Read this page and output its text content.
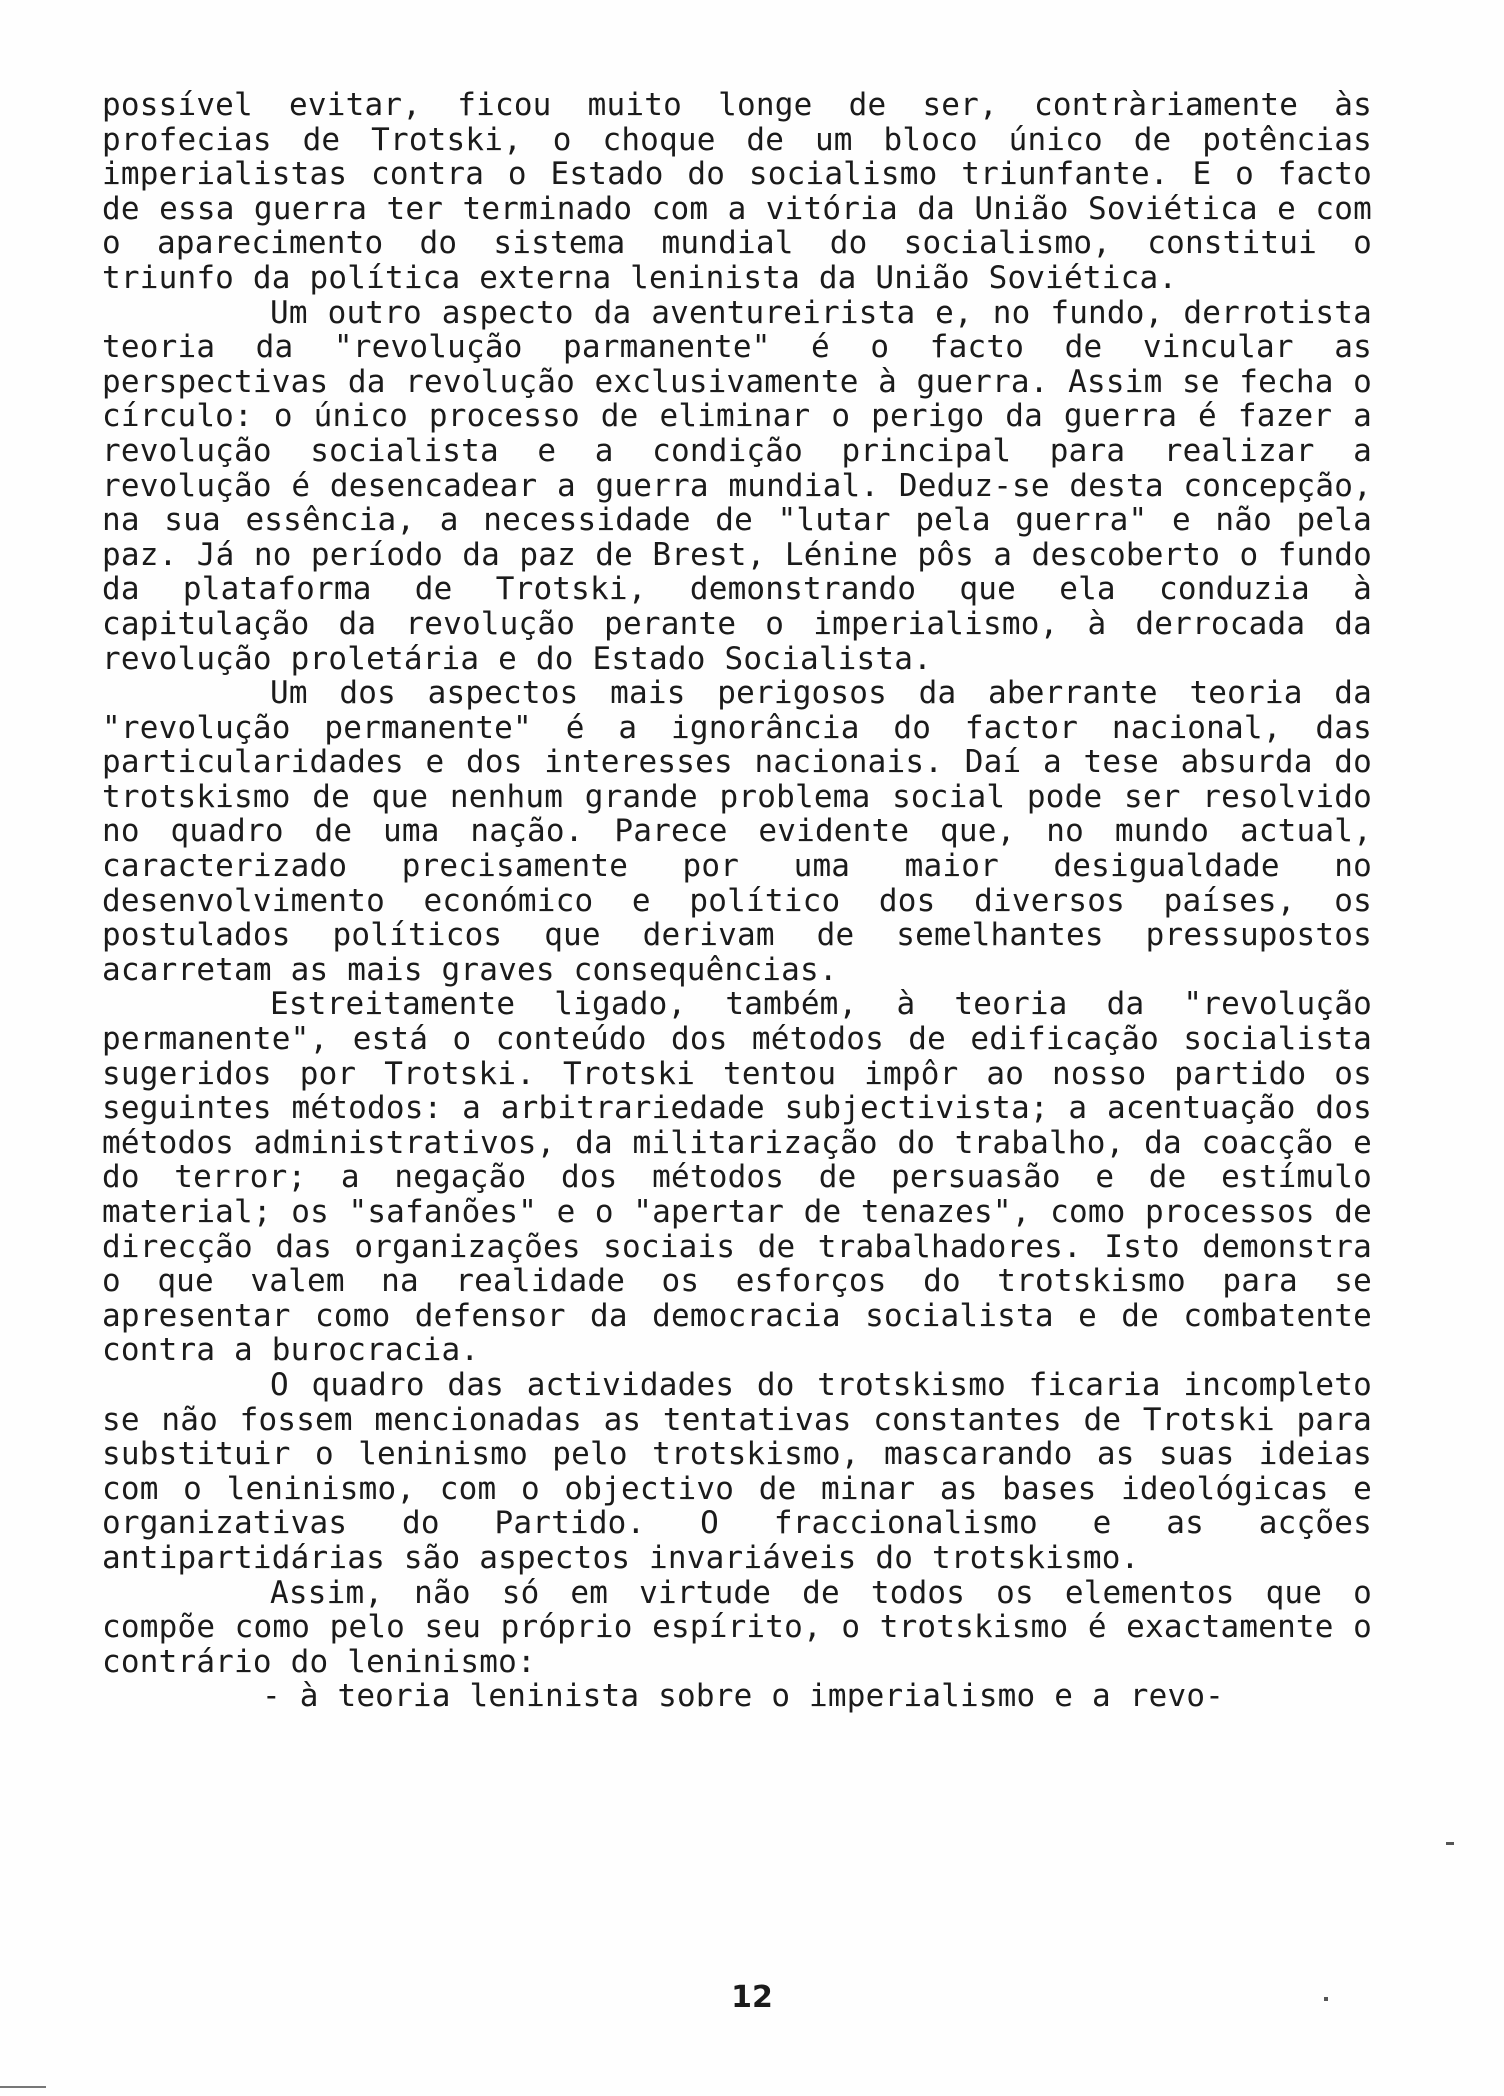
possível evitar, ficou muito longe de ser, contràriamente às profecias de Trotski, o choque de um bloco único de potências imperialistas contra o Estado do socialismo triunfante. E o facto de essa guerra ter terminado com a vitória da União Soviética e com o aparecimento do sistema mundial do socialismo, constitui o triunfo da política externa leninista da União Soviética.

Um outro aspecto da aventureirista e, no fundo, derrotista teoria da "revolução parmanente" é o facto de vincular as perspectivas da revolução exclusivamente à guerra. Assim se fecha o círculo: o único processo de eliminar o perigo da guerra é fazer a revolução socialista e a condição principal para realizar a revolução é desencadear a guerra mundial. Deduz-se desta concepção, na sua essência, a necessidade de "lutar pela guerra" e não pela paz. Já no período da paz de Brest, Lénine pôs a descoberto o fundo da plataforma de Trotski, demonstrando que ela conduzia à capitulação da revolução perante o imperialismo, à derrocada da revolução proletária e do Estado Socialista.

Um dos aspectos mais perigosos da aberrante teoria da "revolução permanente" é a ignorância do factor nacional, das particularidades e dos interesses nacionais. Daí a tese absurda do trotskismo de que nenhum grande problema social pode ser resolvido no quadro de uma nação. Parece evidente que, no mundo actual, caracterizado precisamente por uma maior desigualdade no desenvolvimento económico e político dos diversos países, os postulados políticos que derivam de semelhantes pressupostos acarretam as mais graves consequências.

Estreitamente ligado, também, à teoria da "revolução permanente", está o conteúdo dos métodos de edificação socialista sugeridos por Trotski. Trotski tentou impôr ao nosso partido os seguintes métodos: a arbitrariedade subjectivista; a acentuação dos métodos administrativos, da militarização do trabalho, da coacção e do terror; a negação dos métodos de persuasão e de estímulo material; os "safanões" e o "apertar de tenazes", como processos de direcção das organizações sociais de trabalhadores. Isto demonstra o que valem na realidade os esforços do trotskismo para se apresentar como defensor da democracia socialista e de combatente contra a burocracia.

O quadro das actividades do trotskismo ficaria incompleto se não fossem mencionadas as tentativas constantes de Trotski para substituir o leninismo pelo trotskismo, mascarando as suas ideias com o leninismo, com o objectivo de minar as bases ideológicas e organizativas do Partido. O fraccionalismo e as acções antipartidárias são aspectos invariáveis do trotskismo.

Assim, não só em virtude de todos os elementos que o compõe como pelo seu próprio espírito, o trotskismo é exactamente o contrário do leninismo:

- à teoria leninista sobre o imperialismo e a revo-

12
